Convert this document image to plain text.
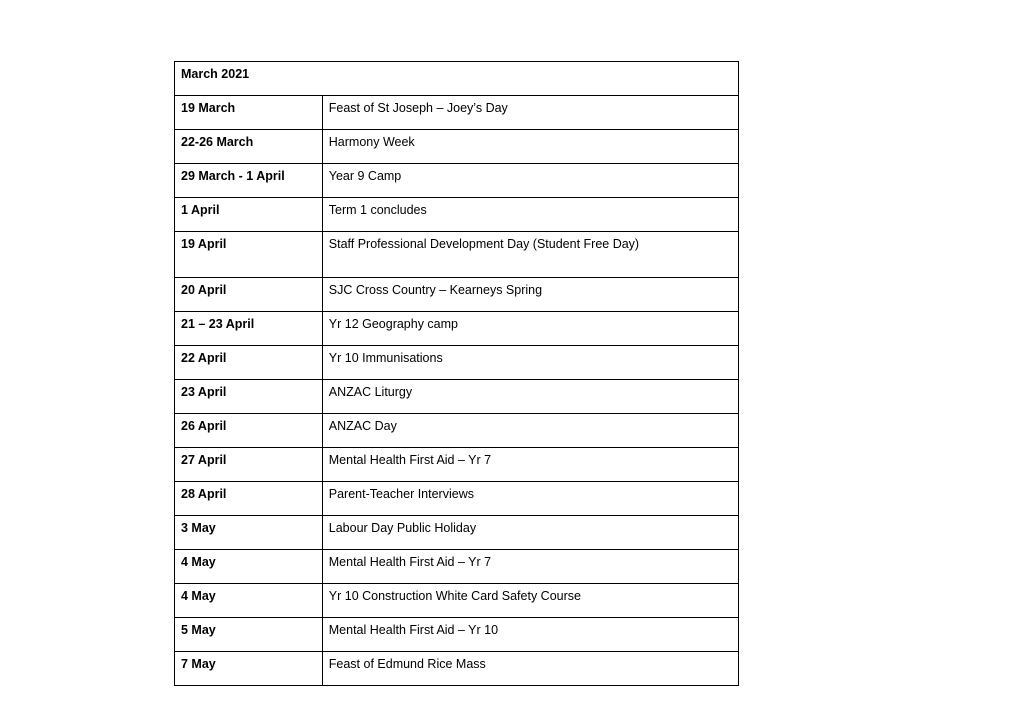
March 2021	
19 March	Feast of St Joseph – Joey’s Day
22-26 March	Harmony Week
29 March - 1 April	Year 9 Camp
1 April	Term 1 concludes
19 April	Staff Professional Development Day (Student Free Day)
20 April	SJC Cross Country – Kearneys Spring
21 – 23 April	Yr 12 Geography camp
22 April	Yr 10 Immunisations
23 April	ANZAC Liturgy
26 April	ANZAC Day
27 April	Mental Health First Aid – Yr 7
28 April	Parent-Teacher Interviews
3 May	Labour Day Public Holiday
4 May	Mental Health First Aid – Yr 7
4 May	Yr 10 Construction White Card Safety Course
5 May	Mental Health First Aid – Yr 10
7 May	Feast of Edmund Rice Mass
